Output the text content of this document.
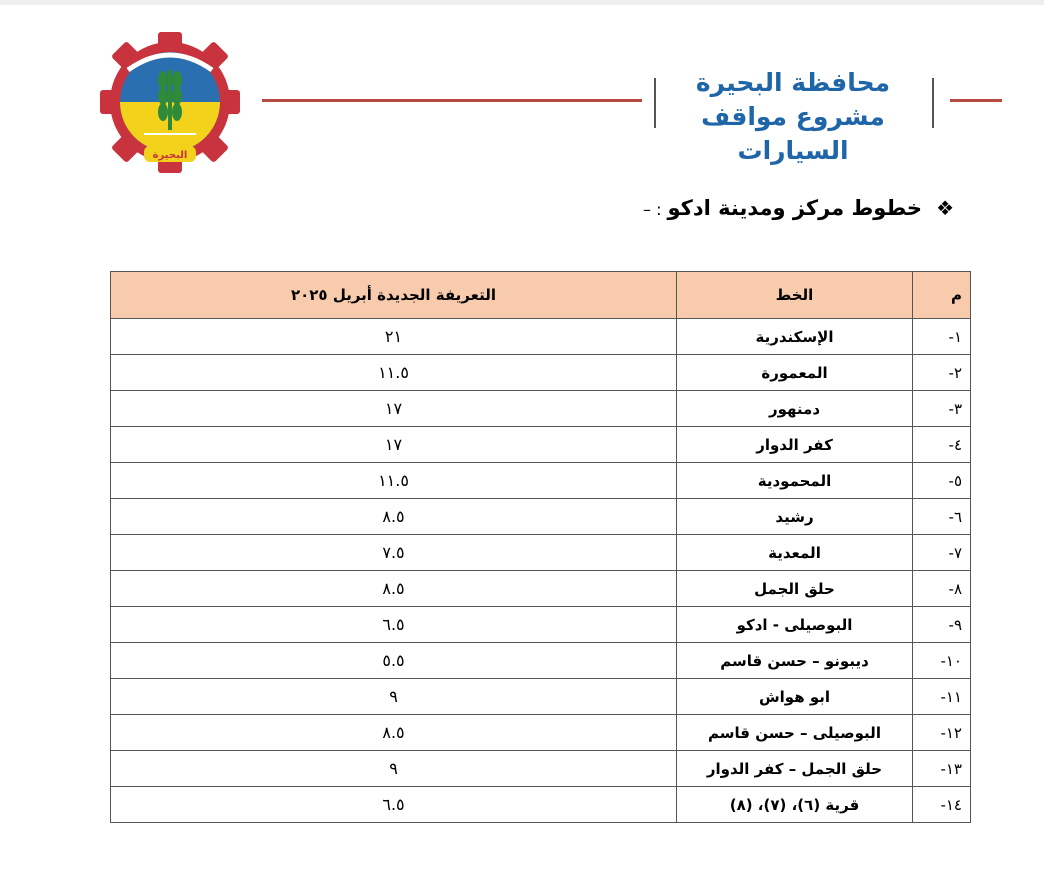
البحيرة
محافظة البحيرة
مشروع مواقف السيارات
❖خطوط مركز ومدينة ادكو: –
م	الخط	التعريفة الجديدة أبريل ٢٠٢٥
١-	الإسكندرية	٢١
٢-	المعمورة	١١.٥
٣-	دمنهور	١٧
٤-	كفر الدوار	١٧
٥-	المحمودية	١١.٥
٦-	رشيد	٨.٥
٧-	المعدية	٧.٥
٨-	حلق الجمل	٨.٥
٩-	البوصيلى - ادكو	٦.٥
١٠-	ديبونو – حسن قاسم	٥.٥
١١-	ابو هواش	٩
١٢-	البوصيلى – حسن قاسم	٨.٥
١٣-	حلق الجمل – كفر الدوار	٩
١٤-	قرية (٦)، (٧)، (٨)	٦.٥
